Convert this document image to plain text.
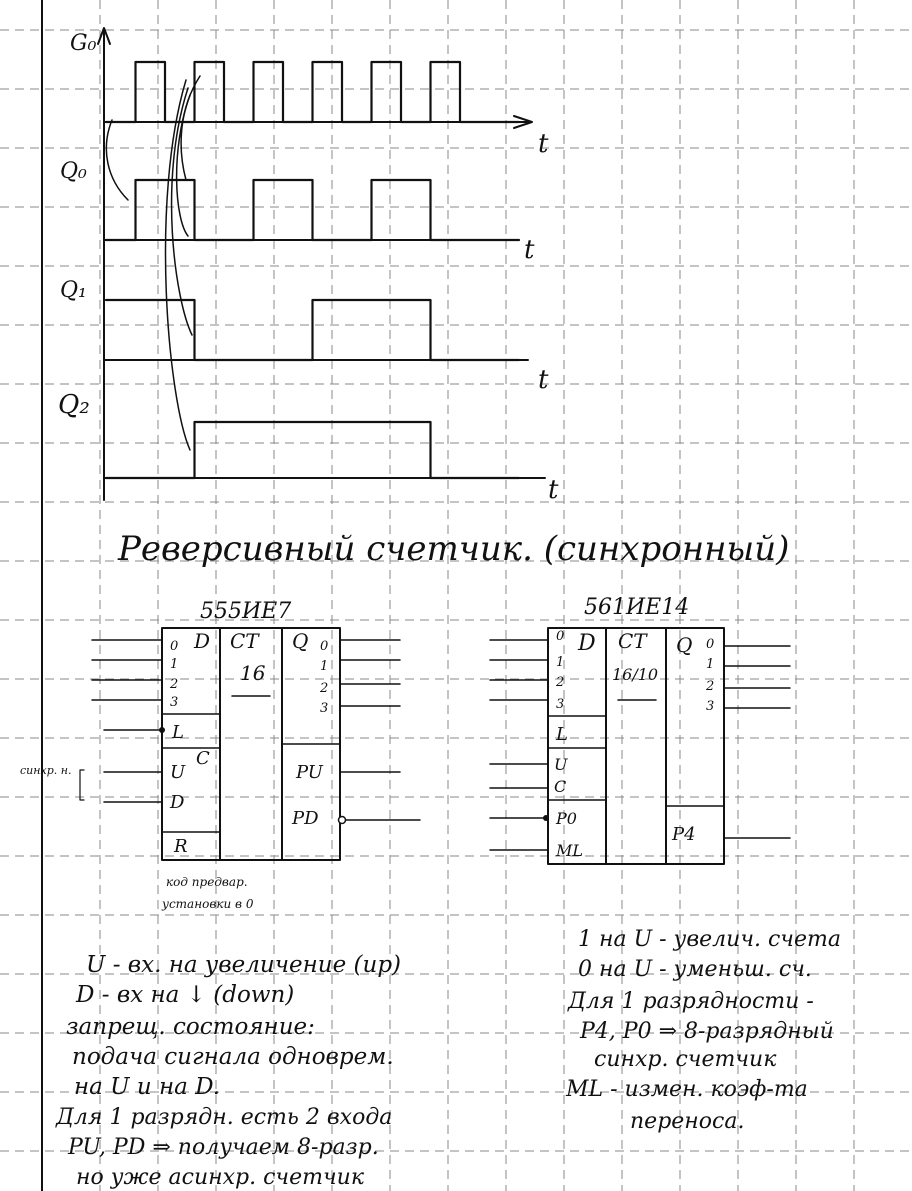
G₀
Q₀
Q₁
Q₂
t
t
t
t
Реверсивный счетчик. (синхронный)
555ИЕ7
D CT
16
Q
C
0
1
2
3
0
1
2
3
L
U
D
R
PU
PD
синхр. н.
код предвар.
установки в 0
561ИЕ14
D CT
16/10
Q
0
1
2
3
0
1
2
3
L
U
C
P0
ML
P4
U - вх. на увеличение (up)
D - вх на ↓ (down)
запрещ. состояние:
подача сигнала одноврем.
на U и на D.
Для 1 разрядн. есть 2 входа
PU, PD ⇒ получаем 8-разр.
но уже асинхр. счетчик
1 на U - увелич. счета
0 на U - уменьш. сч.
Для 1 разрядности -
P4, P0 ⇒ 8-разрядный
синхр. счетчик
ML - измен. коэф-та
переноса.
